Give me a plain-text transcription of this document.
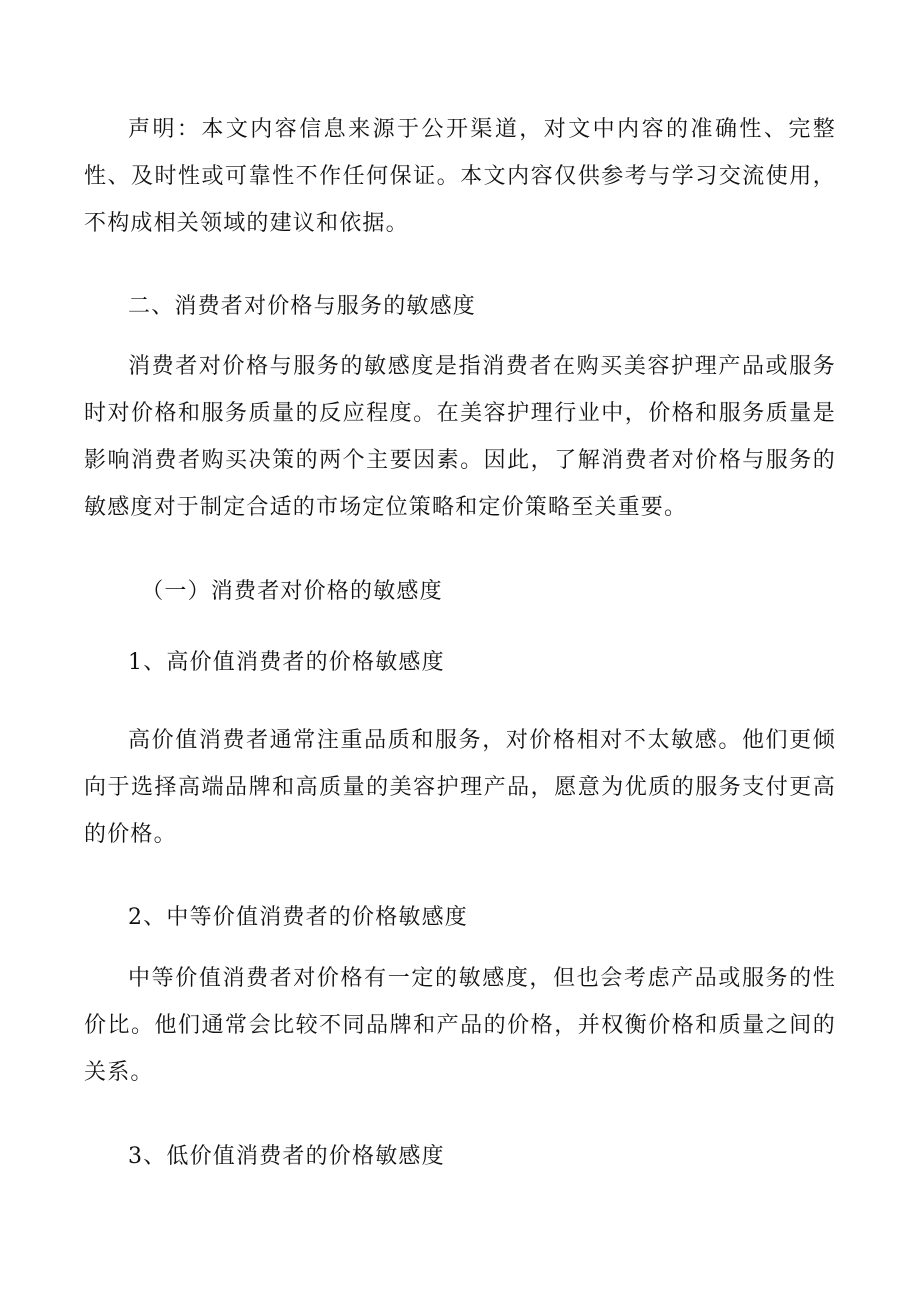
声明：本文内容信息来源于公开渠道，对文中内容的准确性、完整性、及时性或可靠性不作任何保证。本文内容仅供参考与学习交流使用，不构成相关领域的建议和依据。

二、消费者对价格与服务的敏感度

消费者对价格与服务的敏感度是指消费者在购买美容护理产品或服务时对价格和服务质量的反应程度。在美容护理行业中，价格和服务质量是影响消费者购买决策的两个主要因素。因此，了解消费者对价格与服务的敏感度对于制定合适的市场定位策略和定价策略至关重要。

（一）消费者对价格的敏感度
1、高价值消费者的价格敏感度

高价值消费者通常注重品质和服务，对价格相对不太敏感。他们更倾向于选择高端品牌和高质量的美容护理产品，愿意为优质的服务支付更高的价格。

2、中等价值消费者的价格敏感度

中等价值消费者对价格有一定的敏感度，但也会考虑产品或服务的性价比。他们通常会比较不同品牌和产品的价格，并权衡价格和质量之间的关系。

3、低价值消费者的价格敏感度
